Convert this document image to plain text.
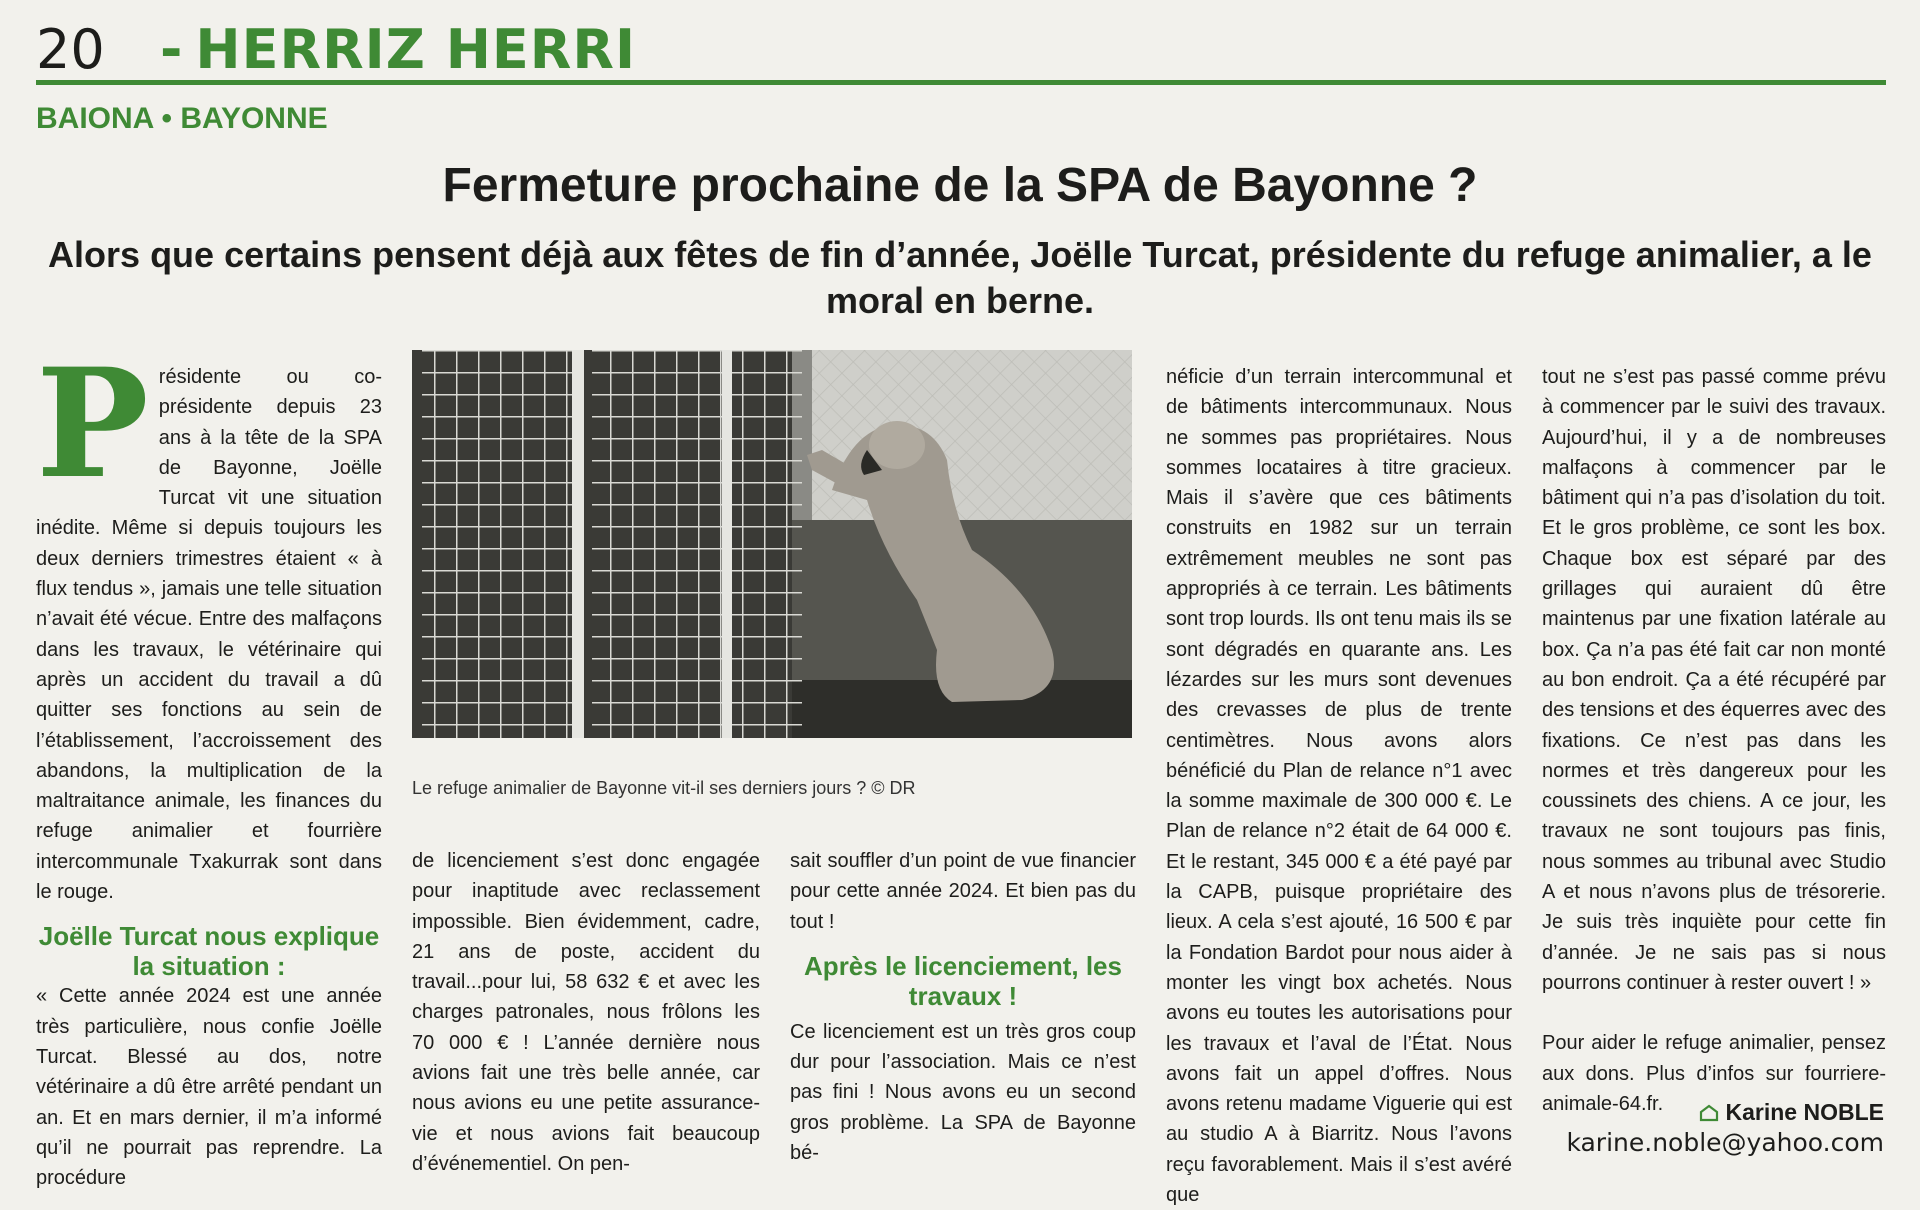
20 - HERRIZ HERRI
BAIONA • BAYONNE
Fermeture prochaine de la SPA de Bayonne ?
Alors que certains pensent déjà aux fêtes de fin d’année, Joëlle Turcat, présidente du refuge animalier, a le moral en berne.
P résidente ou co-présidente depuis 23 ans à la tête de la SPA de Bayonne, Joëlle Turcat vit une situation inédite. Même si depuis toujours les deux derniers trimestres étaient « à flux tendus », jamais une telle situation n’avait été vécue. Entre des malfaçons dans les travaux, le vétérinaire qui après un accident du travail a dû quitter ses fonctions au sein de l’établissement, l’accroissement des abandons, la multiplication de la maltraitance animale, les finances du refuge animalier et fourrière intercommunale Txakurrak sont dans le rouge.

Joëlle Turcat nous explique la situation :

« Cette année 2024 est une année très particulière, nous confie Joëlle Turcat. Blessé au dos, notre vétérinaire a dû être arrêté pendant un an. Et en mars dernier, il m’a informé qu’il ne pourrait pas reprendre. La procédure

Le refuge animalier de Bayonne vit-il ses derniers jours ? © DR

de licenciement s’est donc engagée pour inaptitude avec reclassement impossible. Bien évidemment, cadre, 21 ans de poste, accident du travail...pour lui, 58 632 € et avec les charges patronales, nous frôlons les 70 000 € ! L’année dernière nous avions fait une très belle année, car nous avions eu une petite assurance-vie et nous avions fait beaucoup d’événementiel. On pen-

sait souffler d’un point de vue financier pour cette année 2024. Et bien pas du tout !

Après le licenciement, les travaux !

Ce licenciement est un très gros coup dur pour l’association. Mais ce n’est pas fini ! Nous avons eu un second gros problème. La SPA de Bayonne bé-

néficie d’un terrain intercommunal et de bâtiments intercommunaux. Nous ne sommes pas propriétaires. Nous sommes locataires à titre gracieux. Mais il s’avère que ces bâtiments construits en 1982 sur un terrain extrêmement meubles ne sont pas appropriés à ce terrain. Les bâtiments sont trop lourds. Ils ont tenu mais ils se sont dégradés en quarante ans. Les lézardes sur les murs sont devenues des crevasses de plus de trente centimètres. Nous avons alors bénéficié du Plan de relance n°1 avec la somme maximale de 300 000 €. Le Plan de relance n°2 était de 64 000 €. Et le restant, 345 000 € a été payé par la CAPB, puisque propriétaire des lieux. A cela s’est ajouté, 16 500 € par la Fondation Bardot pour nous aider à monter les vingt box achetés. Nous avons eu toutes les autorisations pour les travaux et l’aval de l’État. Nous avons fait un appel d’offres. Nous avons retenu madame Viguerie qui est au studio A à Biarritz. Nous l’avons reçu favorablement. Mais il s’est avéré que

tout ne s’est pas passé comme prévu à commencer par le suivi des travaux. Aujourd’hui, il y a de nombreuses malfaçons à commencer par le bâtiment qui n’a pas d’isolation du toit. Et le gros problème, ce sont les box. Chaque box est séparé par des grillages qui auraient dû être maintenus par une fixation latérale au box. Ça n’a pas été fait car non monté au bon endroit. Ça a été récupéré par des tensions et des équerres avec des fixations. Ce n’est pas dans les normes et très dangereux pour les coussinets des chiens. A ce jour, les travaux ne sont toujours pas finis, nous sommes au tribunal avec Studio A et nous n’avons plus de trésorerie. Je suis très inquiète pour cette fin d’année. Je ne sais pas si nous pourrons continuer à rester ouvert ! »

Pour aider le refuge animalier, pensez aux dons. Plus d’infos sur fourriere-animale-64.fr.	Karine NOBLE
karine.noble@yahoo.com
